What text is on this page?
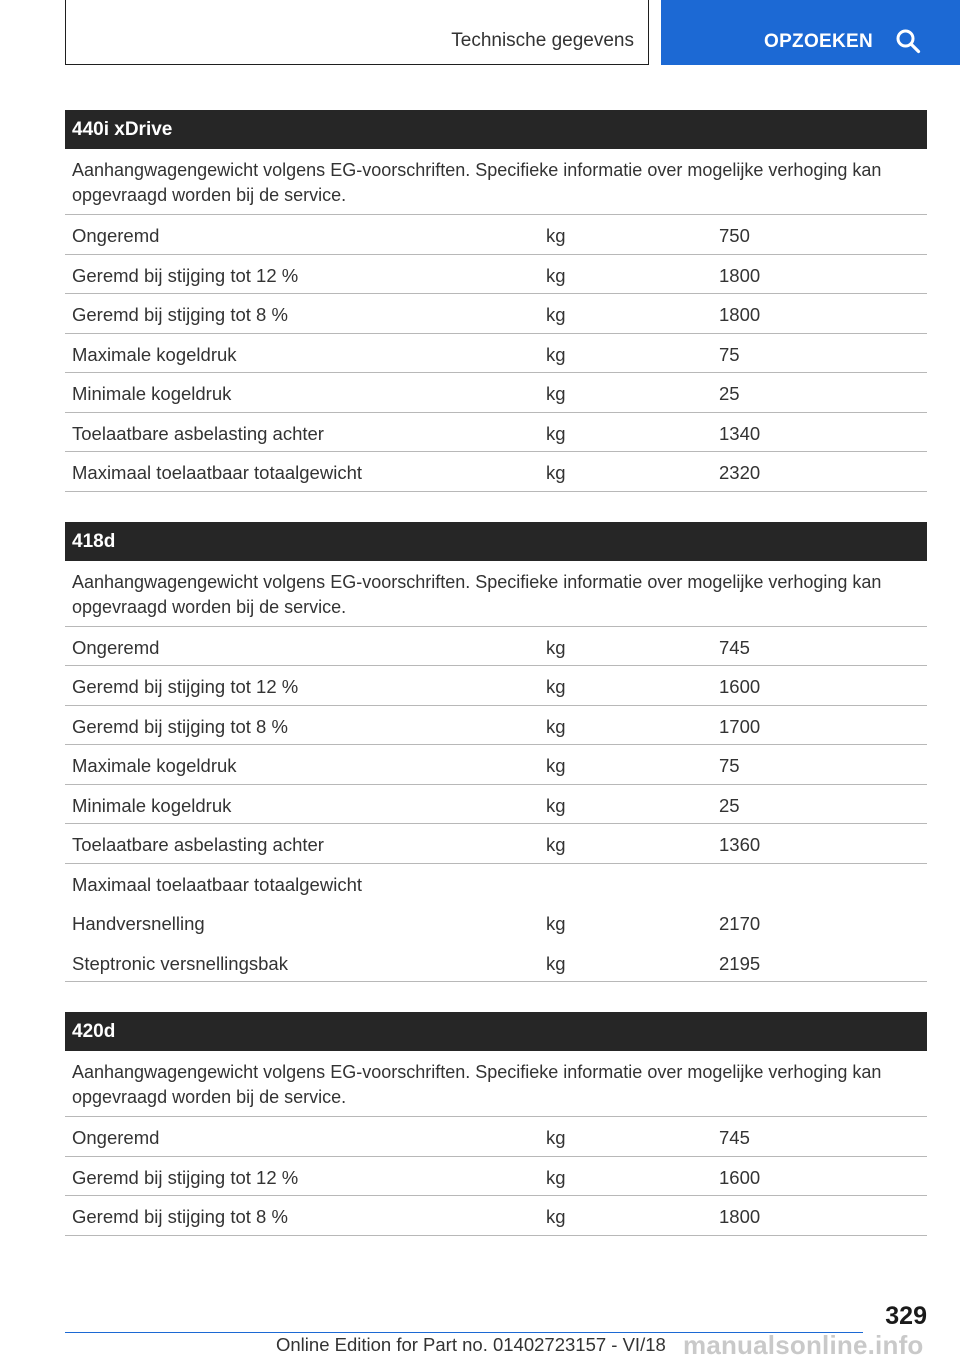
Technische gegevens	OPZOEKEN
440i xDrive
Aanhangwagengewicht volgens EG-voorschriften. Specifieke informatie over mogelijke verhoging kan opgevraagd worden bij de service.
Ongeremd	kg	750
Geremd bij stijging tot 12 %	kg	1800
Geremd bij stijging tot 8 %	kg	1800
Maximale kogeldruk	kg	75
Minimale kogeldruk	kg	25
Toelaatbare asbelasting achter	kg	1340
Maximaal toelaatbaar totaalgewicht	kg	2320
418d
Aanhangwagengewicht volgens EG-voorschriften. Specifieke informatie over mogelijke verhoging kan opgevraagd worden bij de service.
Ongeremd	kg	745
Geremd bij stijging tot 12 %	kg	1600
Geremd bij stijging tot 8 %	kg	1700
Maximale kogeldruk	kg	75
Minimale kogeldruk	kg	25
Toelaatbare asbelasting achter	kg	1360
Maximaal toelaatbaar totaalgewicht
Handversnelling	kg	2170
Steptronic versnellingsbak	kg	2195
420d
Aanhangwagengewicht volgens EG-voorschriften. Specifieke informatie over mogelijke verhoging kan opgevraagd worden bij de service.
Ongeremd	kg	745
Geremd bij stijging tot 12 %	kg	1600
Geremd bij stijging tot 8 %	kg	1800
329
Online Edition for Part no. 01402723157 - VI/18 manualsonline.info
